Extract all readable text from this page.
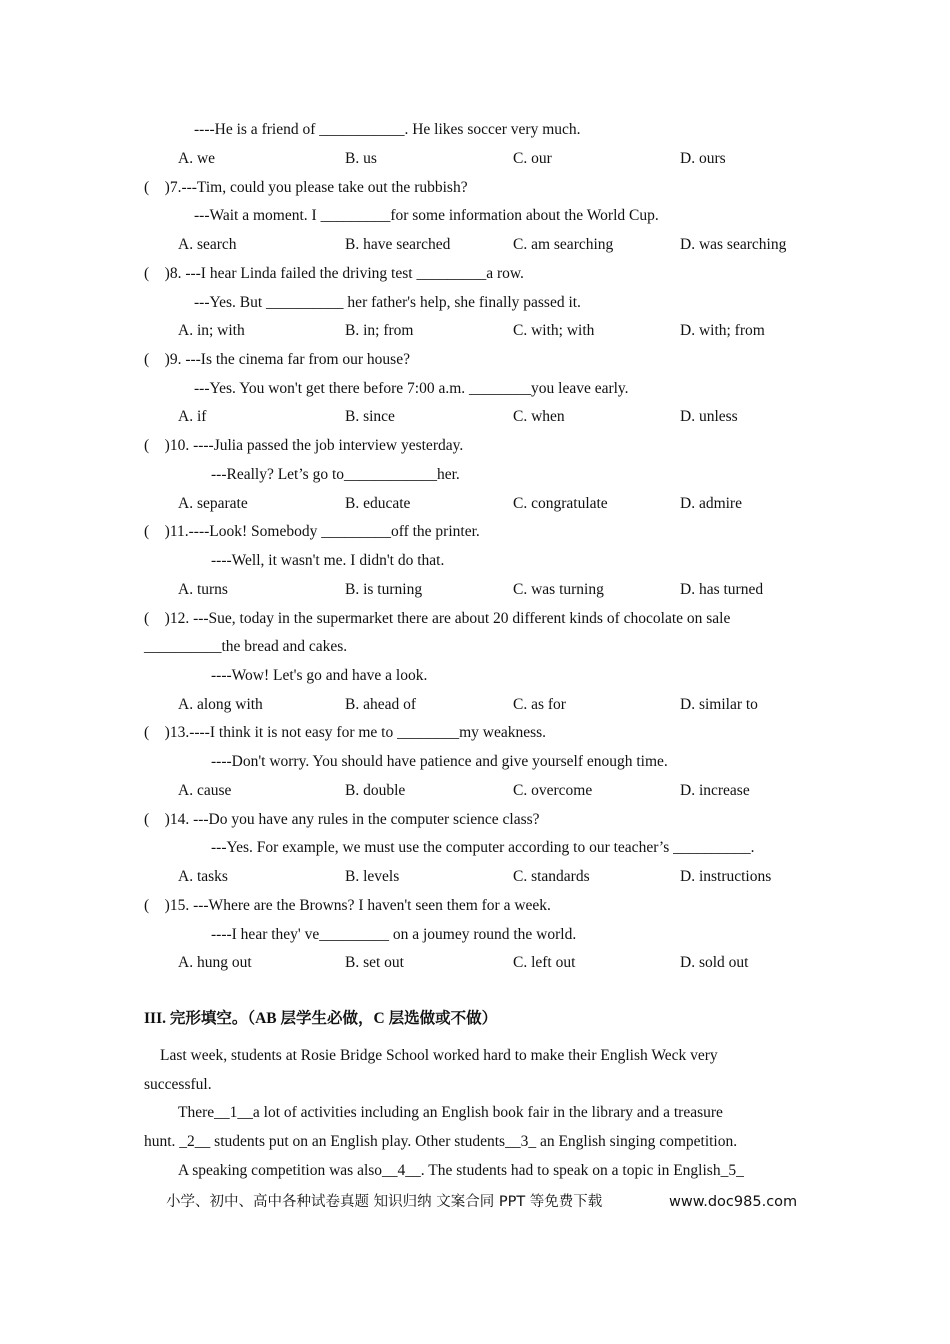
----He is a friend of ___________. He likes soccer very much.
A. we	B. us	C. our	D. ours
(    )7.---Tim, could you please take out the rubbish?
---Wait a moment. I _________for some information about the World Cup.
A. search	B. have searched	C. am searching	D. was searching
(    )8. ---I hear Linda failed the driving test _________a row.
---Yes. But __________ her father's help, she finally passed it.
A. in; with	B. in; from	C. with; with	D. with; from
(    )9. ---Is the cinema far from our house?
---Yes. You won't get there before 7:00 a.m. ________you leave early.
A. if	B. since	C. when	D. unless
(    )10. ----Julia passed the job interview yesterday.
---Really? Let’s go to____________her.
A. separate	B. educate	C. congratulate	D. admire
(    )11.----Look! Somebody _________off the printer.
----Well, it wasn't me. I didn't do that.
A. turns	B. is turning	C. was turning	D. has turned
(    )12. ---Sue, today in the supermarket there are about 20 different kinds of chocolate on sale
__________the bread and cakes.
----Wow! Let's go and have a look.
A. along with	B. ahead of	C. as for	D. similar to
(    )13.----I think it is not easy for me to ________my weakness.
----Don't worry. You should have patience and give yourself enough time.
A. cause	B. double	C. overcome	D. increase
(    )14. ---Do you have any rules in the computer science class?
---Yes. For example, we must use the computer according to our teacher’s __________.
A. tasks	B. levels	C. standards	D. instructions
(    )15. ---Where are the Browns? I haven't seen them for a week.
----I hear they' ve_________ on a joumey round the world.
A. hung out	B. set out	C. left out	D. sold out
III. 完形填空。（AB 层学生必做，C 层选做或不做）
Last week, students at Rosie Bridge School worked hard to make their English Weck very
successful.
There__1__a lot of activities including an English book fair in the library and a treasure
hunt. _2__ students put on an English play. Other students__3_ an English singing competition.
A speaking competition was also__4__. The students had to speak on a topic in English_5_
小学、初中、高中各种试卷真题 知识归纳 文案合同 PPT 等免费下载	www.doc985.com
